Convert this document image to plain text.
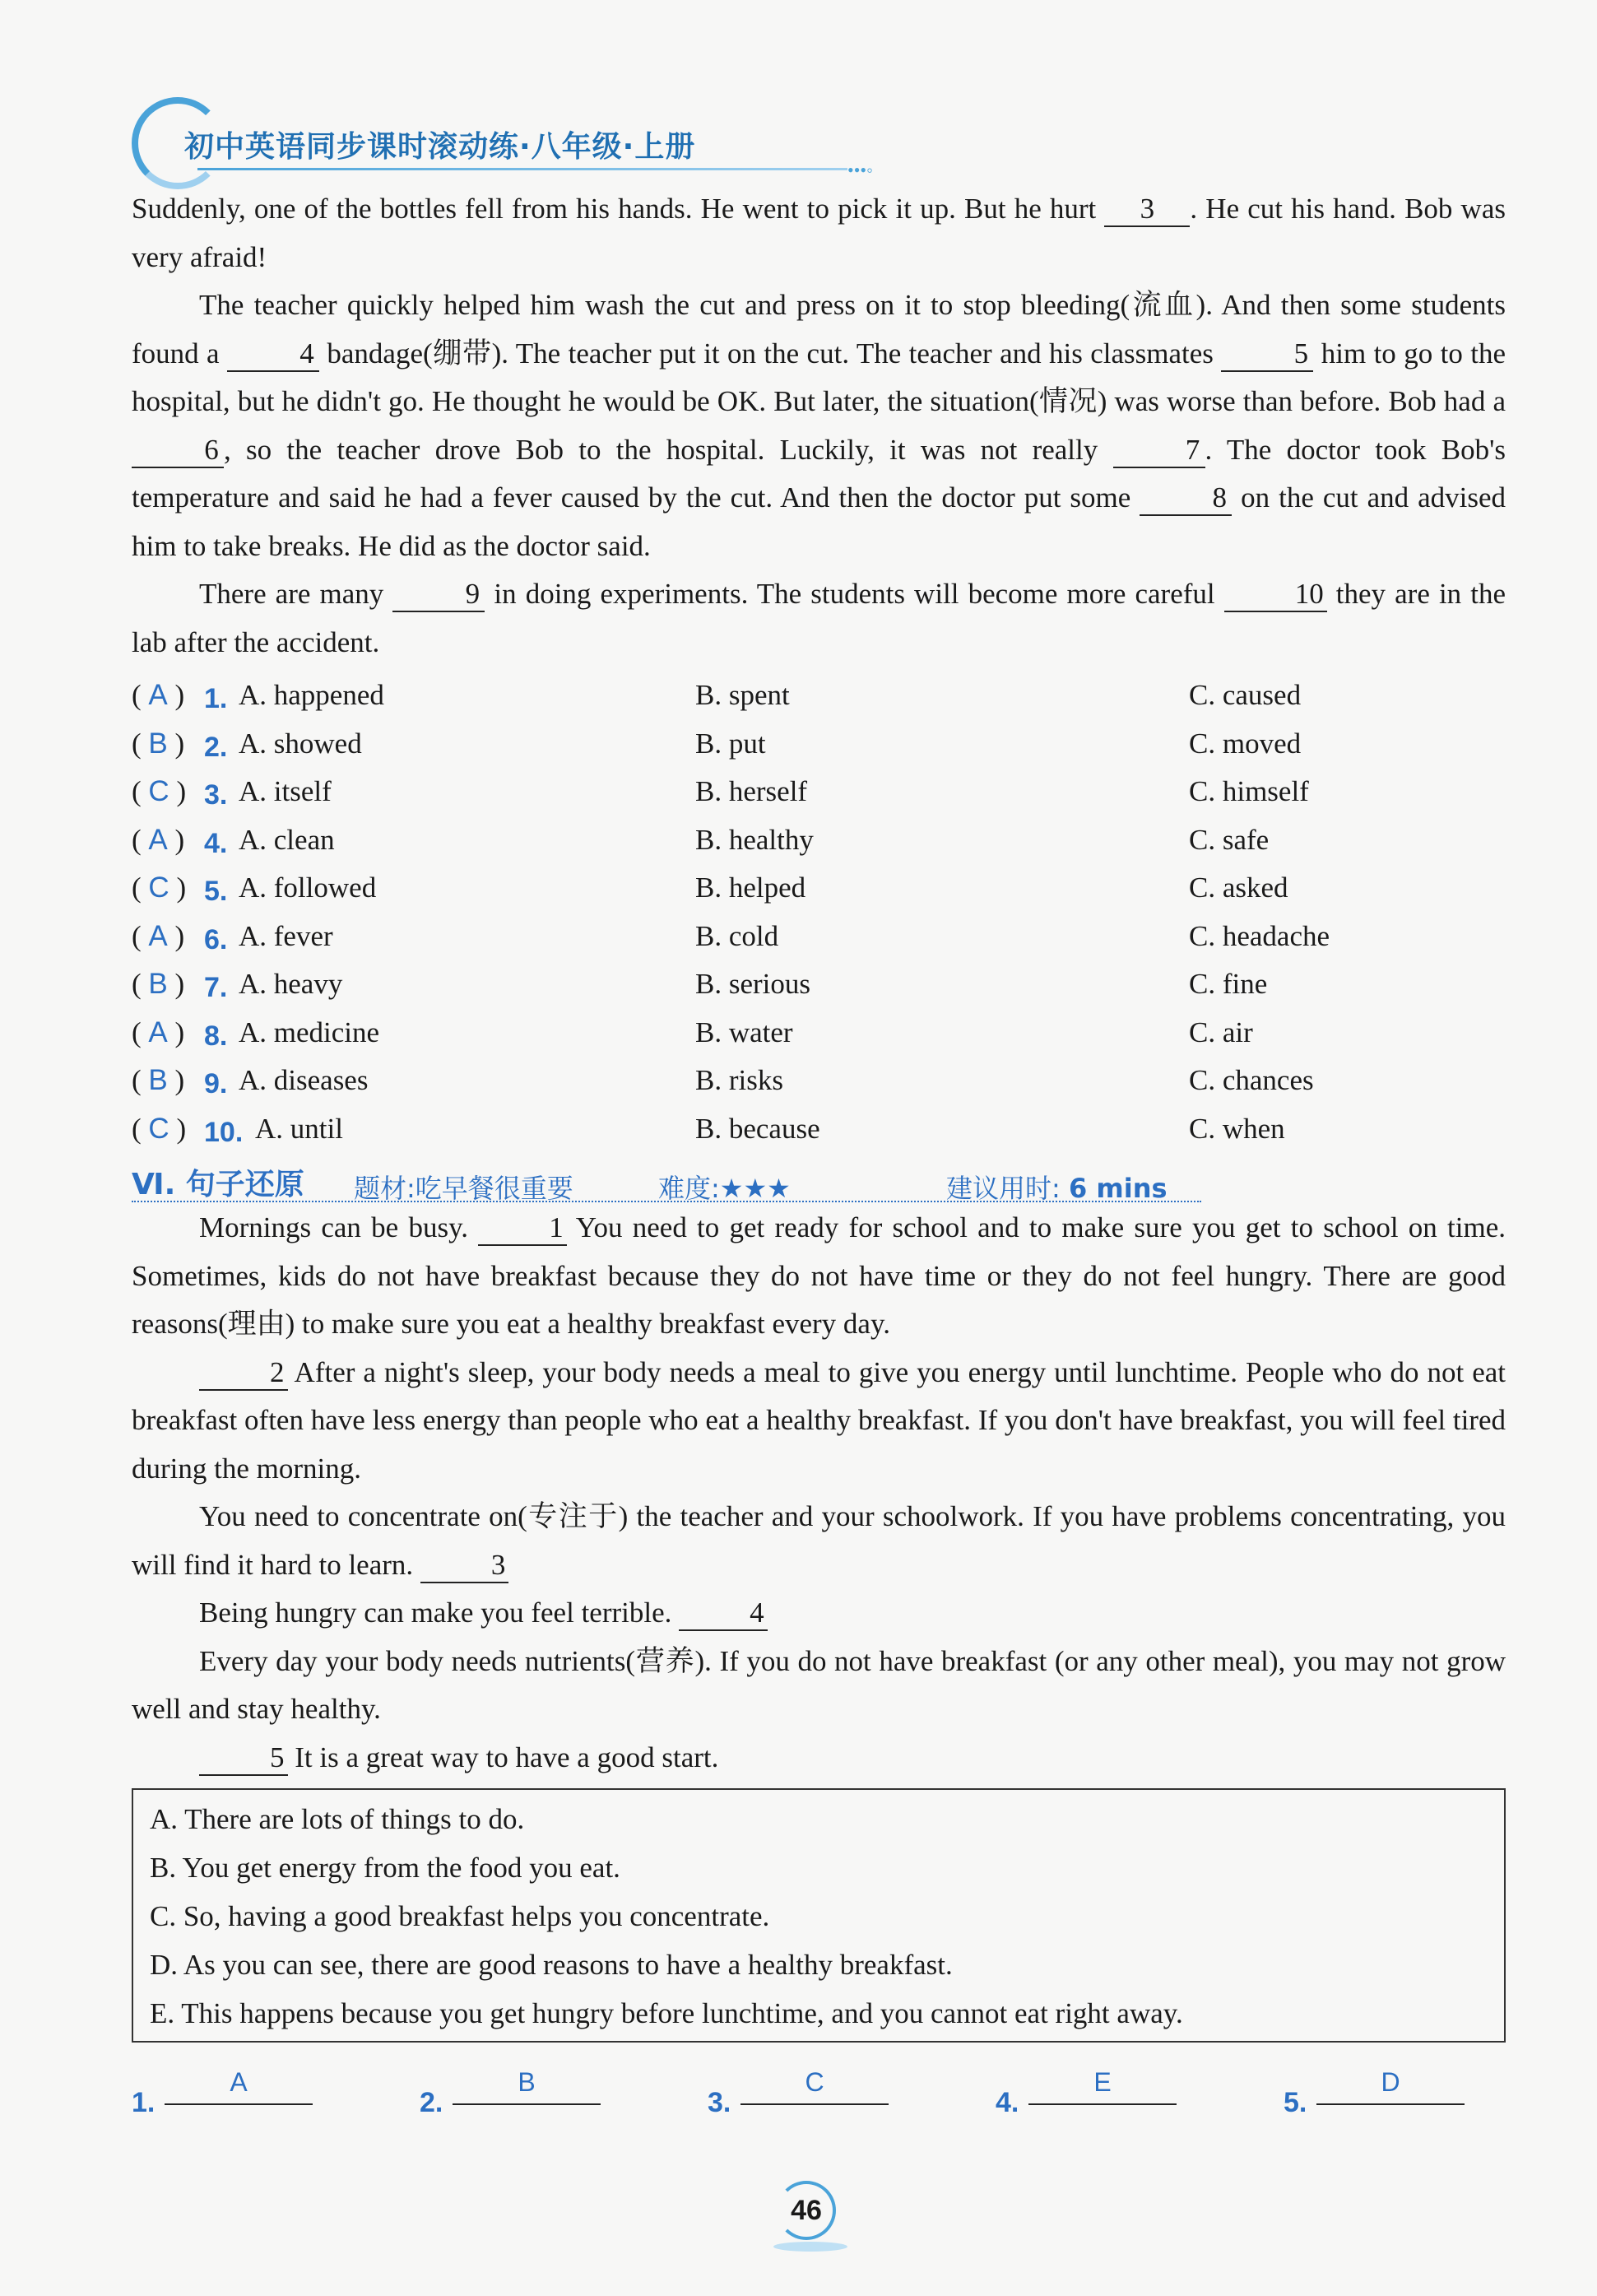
初中英语同步课时滚动练·八年级·上册
•••◦

Suddenly, one of the bottles fell from his hands. He went to pick it up. But he hurt 3 . He cut his hand. Bob was very afraid!

The teacher quickly helped him wash the cut and press on it to stop bleeding(流血). And then some students found a	4 bandage(绷带). The teacher put it on the cut. The teacher and his classmates	5 him to go to the hospital, but he didn't go. He thought he would be OK. But later, the situation(情况) was worse than before. Bob had a 6 , so the teacher drove Bob to the hospital. Luckily, it was not really	7 . The doctor took Bob's temperature and said he had a fever caused by the cut. And then the doctor put some	8 on the cut and advised him to take breaks. He did as the doctor said.

There are many	9 in doing experiments. The students will become more careful 10 they are in the lab after the accident.

( A ) 1. A. happened	B. spent	C. caused
( B ) 2. A. showed	B. put	C. moved
( C ) 3. A. itself	B. herself	C. himself
( A ) 4. A. clean	B. healthy	C. safe
( C ) 5. A. followed	B. helped	C. asked
( A ) 6. A. fever	B. cold	C. headache
( B ) 7. A. heavy	B. serious	C. fine
( A ) 8. A. medicine	B. water	C. air
( B ) 9. A. diseases	B. risks	C. chances
( C ) 10. A. until	B. because	C. when
Ⅵ. 句子还原 题材:吃早餐很重要	难度:★★★	建议用时: 6 mins

Mornings can be busy. 1 You need to get ready for school and to make sure you get to school on time. Sometimes, kids do not have breakfast because they do not have time or they do not feel hungry. There are good reasons(理由) to make sure you eat a healthy breakfast every day.

2 After a night's sleep, your body needs a meal to give you energy until lunchtime. People who do not eat breakfast often have less energy than people who eat a healthy breakfast. If you don't have breakfast, you will feel tired during the morning.

You need to concentrate on(专注于) the teacher and your schoolwork. If you have problems concentrating, you will find it hard to learn. 3

Being hungry can make you feel terrible. 4

Every day your body needs nutrients(营养). If you do not have breakfast (or any other meal), you may not grow well and stay healthy.

5 It is a great way to have a good start.

A. There are lots of things to do.
B. You get energy from the food you eat.
C. So, having a good breakfast helps you concentrate.
D. As you can see, there are good reasons to have a healthy breakfast.
E. This happens because you get hungry before lunchtime, and you cannot eat right away.
1.
A
2.
B
3.
C
4.
E
5.
D
46
